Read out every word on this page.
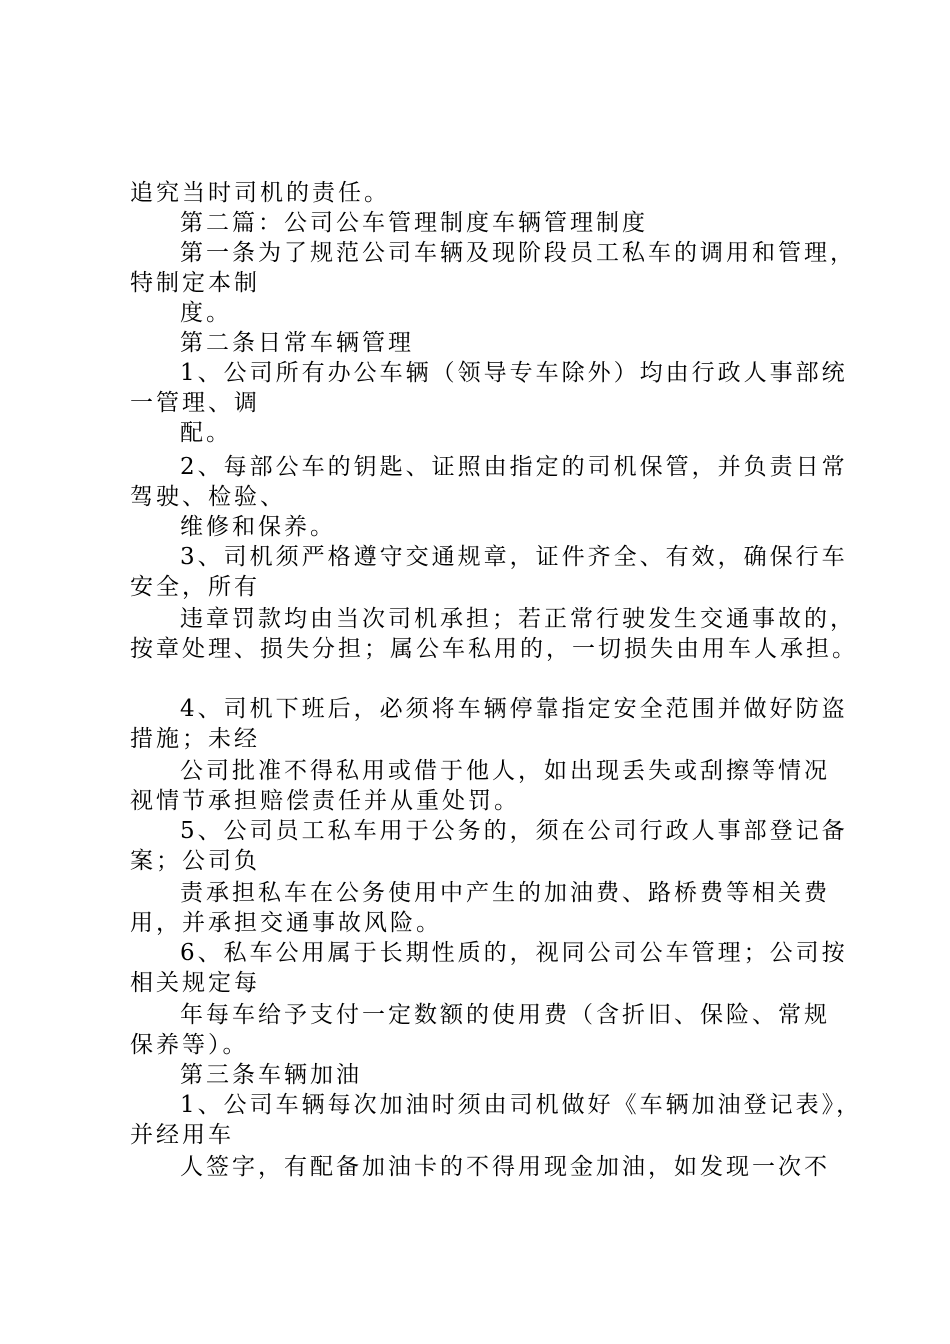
追究当时司机的责任。

第二篇：公司公车管理制度车辆管理制度

第一条为了规范公司车辆及现阶段员工私车的调用和管理，

特制定本制

度。

第二条日常车辆管理

1、公司所有办公车辆（领导专车除外）均由行政人事部统

一管理、调

配。

2、每部公车的钥匙、证照由指定的司机保管，并负责日常

驾驶、检验、

维修和保养。

3、司机须严格遵守交通规章，证件齐全、有效，确保行车

安全，所有

违章罚款均由当次司机承担；若正常行驶发生交通事故的，

按章处理、损失分担；属公车私用的，一切损失由用车人承担。

4、司机下班后，必须将车辆停靠指定安全范围并做好防盗

措施；未经

公司批准不得私用或借于他人，如出现丢失或刮擦等情况

视情节承担赔偿责任并从重处罚。

5、公司员工私车用于公务的，须在公司行政人事部登记备

案；公司负

责承担私车在公务使用中产生的加油费、路桥费等相关费

用，并承担交通事故风险。

6、私车公用属于长期性质的，视同公司公车管理；公司按

相关规定每

年每车给予支付一定数额的使用费（含折旧、保险、常规

保养等）。

第三条车辆加油

1、公司车辆每次加油时须由司机做好《车辆加油登记表》，

并经用车

人签字，有配备加油卡的不得用现金加油，如发现一次不
